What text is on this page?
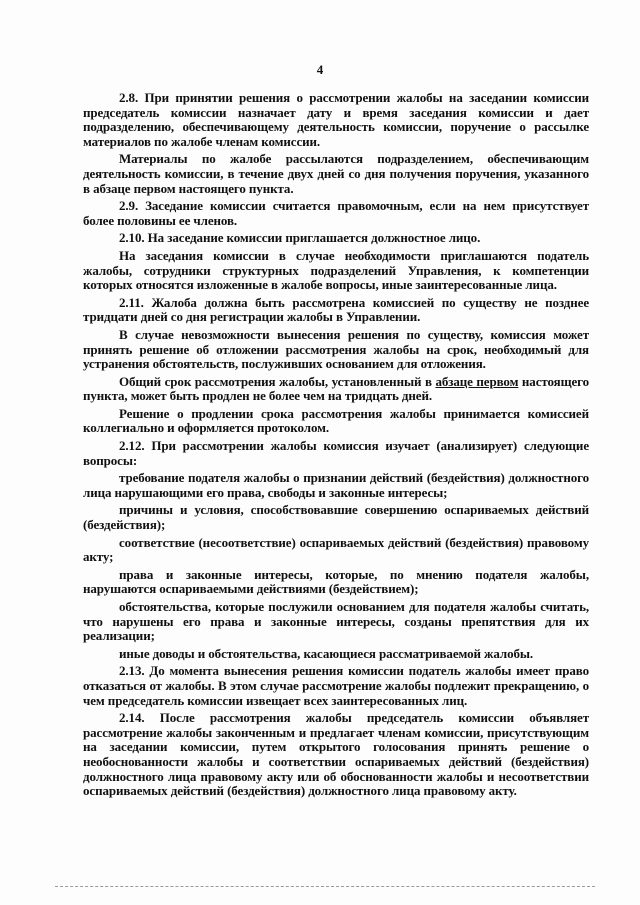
4

2.8. При принятии решения о рассмотрении жалобы на заседании комиссии председатель комиссии назначает дату и время заседания комиссии и дает подразделению, обеспечивающему деятельность комиссии, поручение о рассылке материалов по жалобе членам комиссии.

Материалы по жалобе рассылаются подразделением, обеспечивающим деятельность комиссии, в течение двух дней со дня получения поручения, указанного в абзаце первом настоящего пункта.

2.9. Заседание комиссии считается правомочным, если на нем присутствует более половины ее членов.

2.10. На заседание комиссии приглашается должностное лицо.

На заседания комиссии в случае необходимости приглашаются податель жалобы, сотрудники структурных подразделений Управления, к компетенции которых относятся изложенные в жалобе вопросы, иные заинтересованные лица.

2.11. Жалоба должна быть рассмотрена комиссией по существу не позднее тридцати дней со дня регистрации жалобы в Управлении.

В случае невозможности вынесения решения по существу, комиссия может принять решение об отложении рассмотрения жалобы на срок, необходимый для устранения обстоятельств, послуживших основанием для отложения.

Общий срок рассмотрения жалобы, установленный в абзаце первом настоящего пункта, может быть продлен не более чем на тридцать дней.

Решение о продлении срока рассмотрения жалобы принимается комиссией коллегиально и оформляется протоколом.

2.12. При рассмотрении жалобы комиссия изучает (анализирует) следующие вопросы:

требование подателя жалобы о признании действий (бездействия) должностного лица нарушающими его права, свободы и законные интересы;

причины и условия, способствовавшие совершению оспариваемых действий (бездействия);

соответствие (несоответствие) оспариваемых действий (бездействия) правовому акту;

права и законные интересы, которые, по мнению подателя жалобы, нарушаются оспариваемыми действиями (бездействием);

обстоятельства, которые послужили основанием для подателя жалобы считать, что нарушены его права и законные интересы, созданы препятствия для их реализации;

иные доводы и обстоятельства, касающиеся рассматриваемой жалобы.

2.13. До момента вынесения решения комиссии податель жалобы имеет право отказаться от жалобы. В этом случае рассмотрение жалобы подлежит прекращению, о чем председатель комиссии извещает всех заинтересованных лиц.

2.14. После рассмотрения жалобы председатель комиссии объявляет рассмотрение жалобы законченным и предлагает членам комиссии, присутствующим на заседании комиссии, путем открытого голосования принять решение о необоснованности жалобы и соответствии оспариваемых действий (бездействия) должностного лица правовому акту или об обоснованности жалобы и несоответствии оспариваемых действий (бездействия) должностного лица правовому акту.
